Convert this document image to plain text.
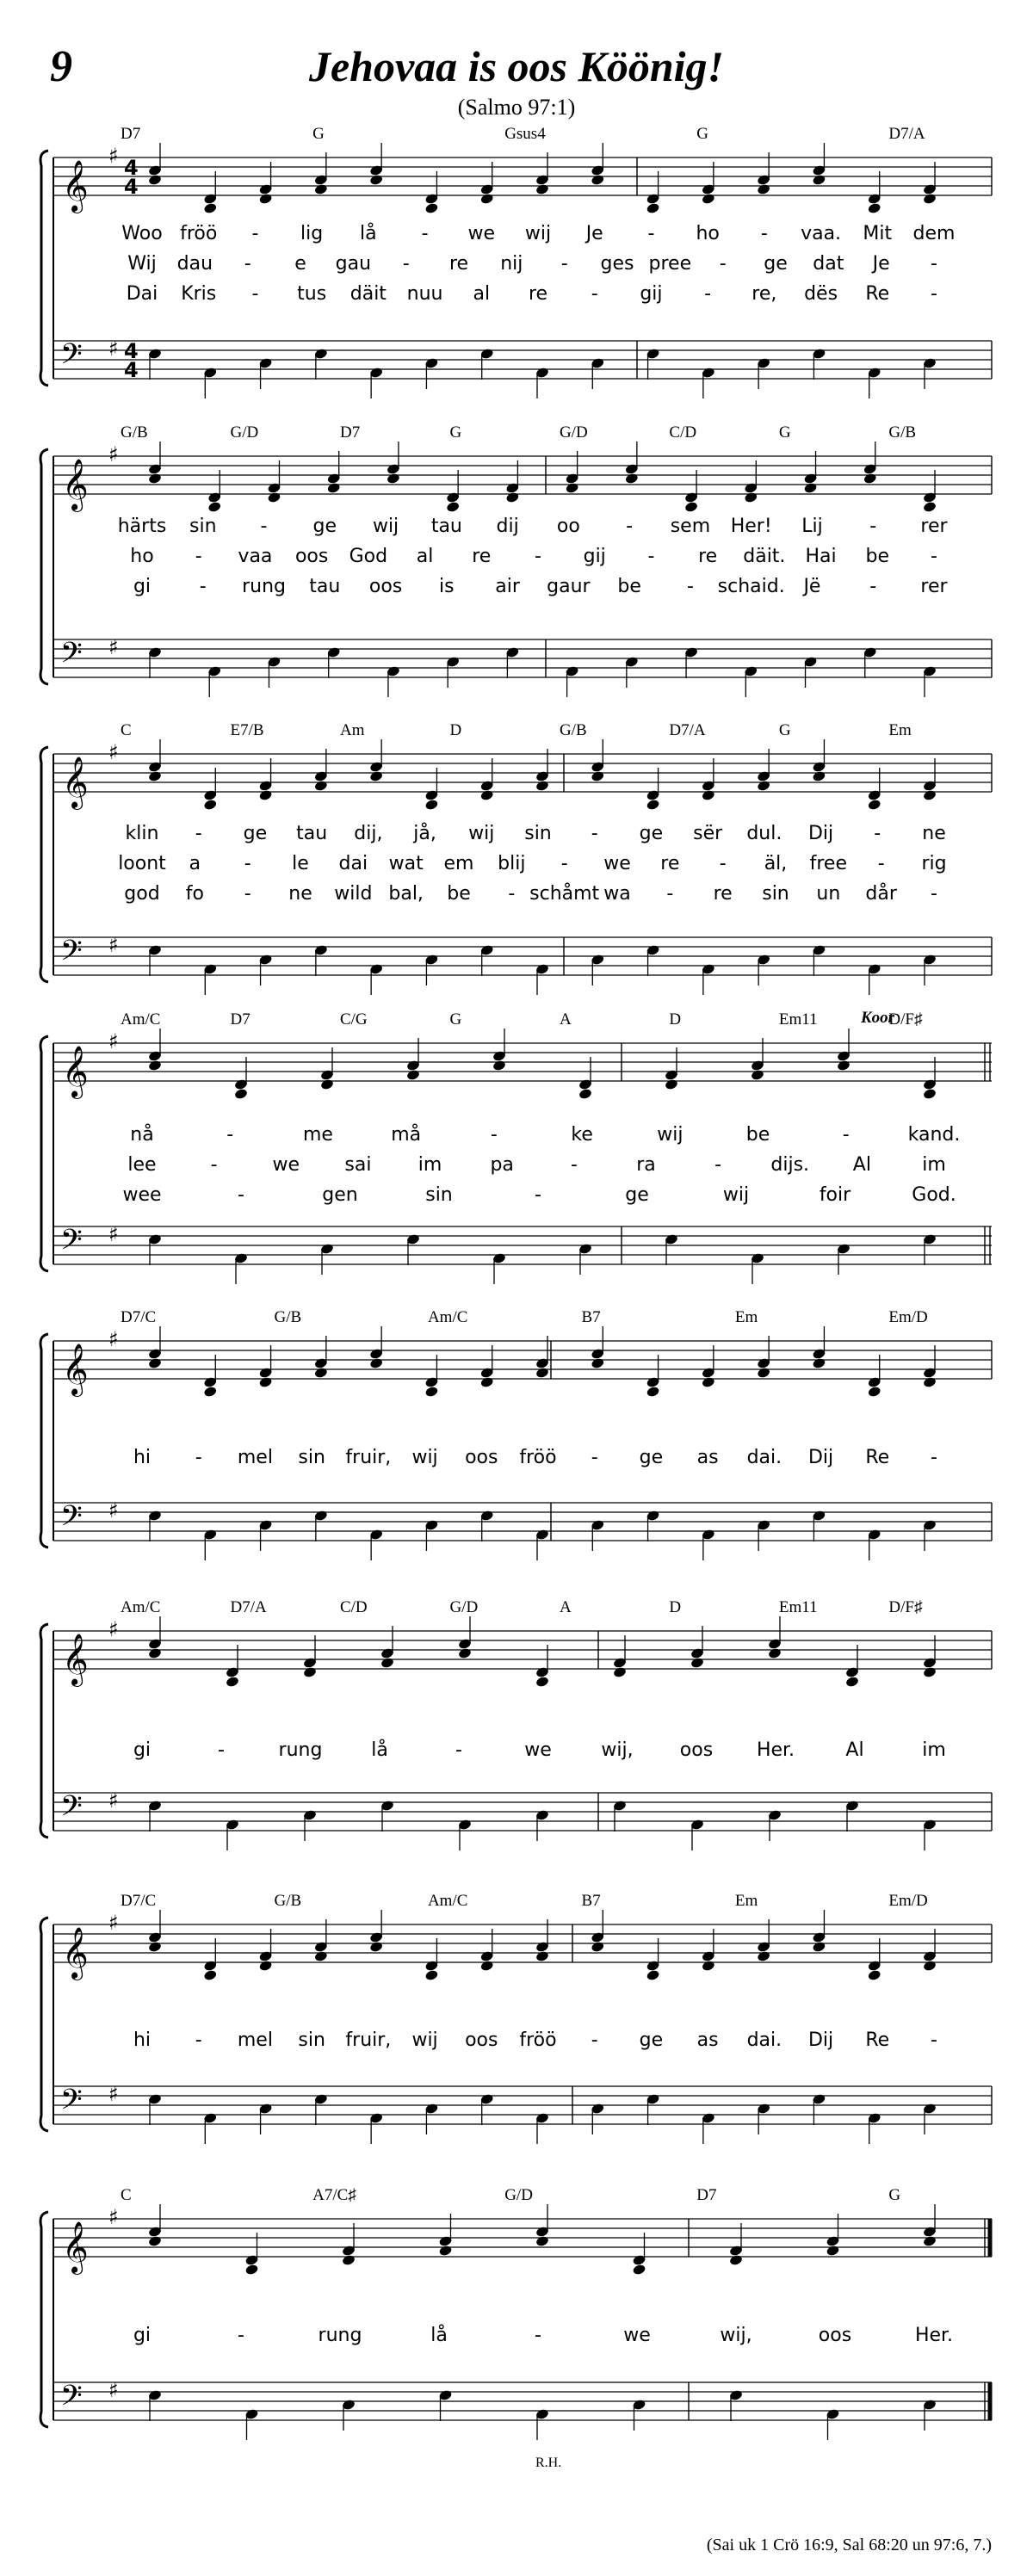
9	Jehovaa is oos Köönig!
(Salmo 97:1)
D7	G	Gsus4	G	D7/A
Woo fröö - lig lå - we wij Je - ho - vaa. Mit dem
Wij dau - e gau - re nij - ges pree - ge dat Je -
Dai Kris - tus däit nuu al re - gij - re, dës Re -
𝄞
♯ 4
4
𝄢 ♯ 4
4
G/B	G/D	D7	G	G/D	C/D	G	G/B
härts sin - ge wij tau dij oo - sem Her! Lij - rer
ho - vaa oos God al re - gij - re däit. Hai be -
gi	- rung tau oos is air gaur be - schaid. Jë	- rer
𝄞
♯
𝄢 ♯
C	E7/B	Am	D	G/B	D7/A	G	Em
klin - ge tau dij, jå, wij sin - ge sër dul. Dij - ne
loont a - le dai wat em blij - we re - äl, free - rig
god fo - ne wild bal, be - schåmt wa - re sin un dår -
𝄞
♯
𝄢 ♯
Am/C	D7	C/G	G	A	D	Em11	D/F♯
nå	-	me	må	-	ke	wij	be	-	kand.
lee	-	we sai im	pa	-	ra	-	dijs. Al	im
wee	-	gen	sin	-	ge	wij	foir	God.
𝄞
♯
𝄢 ♯
D7/C	G/B	Am/C	B7	Em	Em/D
hi - mel sin fruir, wij oos fröö - ge as dai. Dij Re -
𝄞
♯
𝄢 ♯
Am/C	D7/A	C/D	G/D	A	D	Em11	D/F♯
gi	-	rung	lå	-	we	wij, oos Her.	Al	im
𝄞
♯
𝄢 ♯
D7/C	G/B	Am/C	B7	Em	Em/D
hi - mel sin fruir, wij oos fröö - ge as dai. Dij Re -
𝄞
♯
𝄢 ♯
C	A7/C♯	G/D	D7	G
gi	-	rung	lå	-	we	wij,	oos	Her.
𝄞
♯
𝄢 ♯
Koor
R.H.
(Sai uk 1 Crö 16:9, Sal 68:20 un 97:6, 7.)
